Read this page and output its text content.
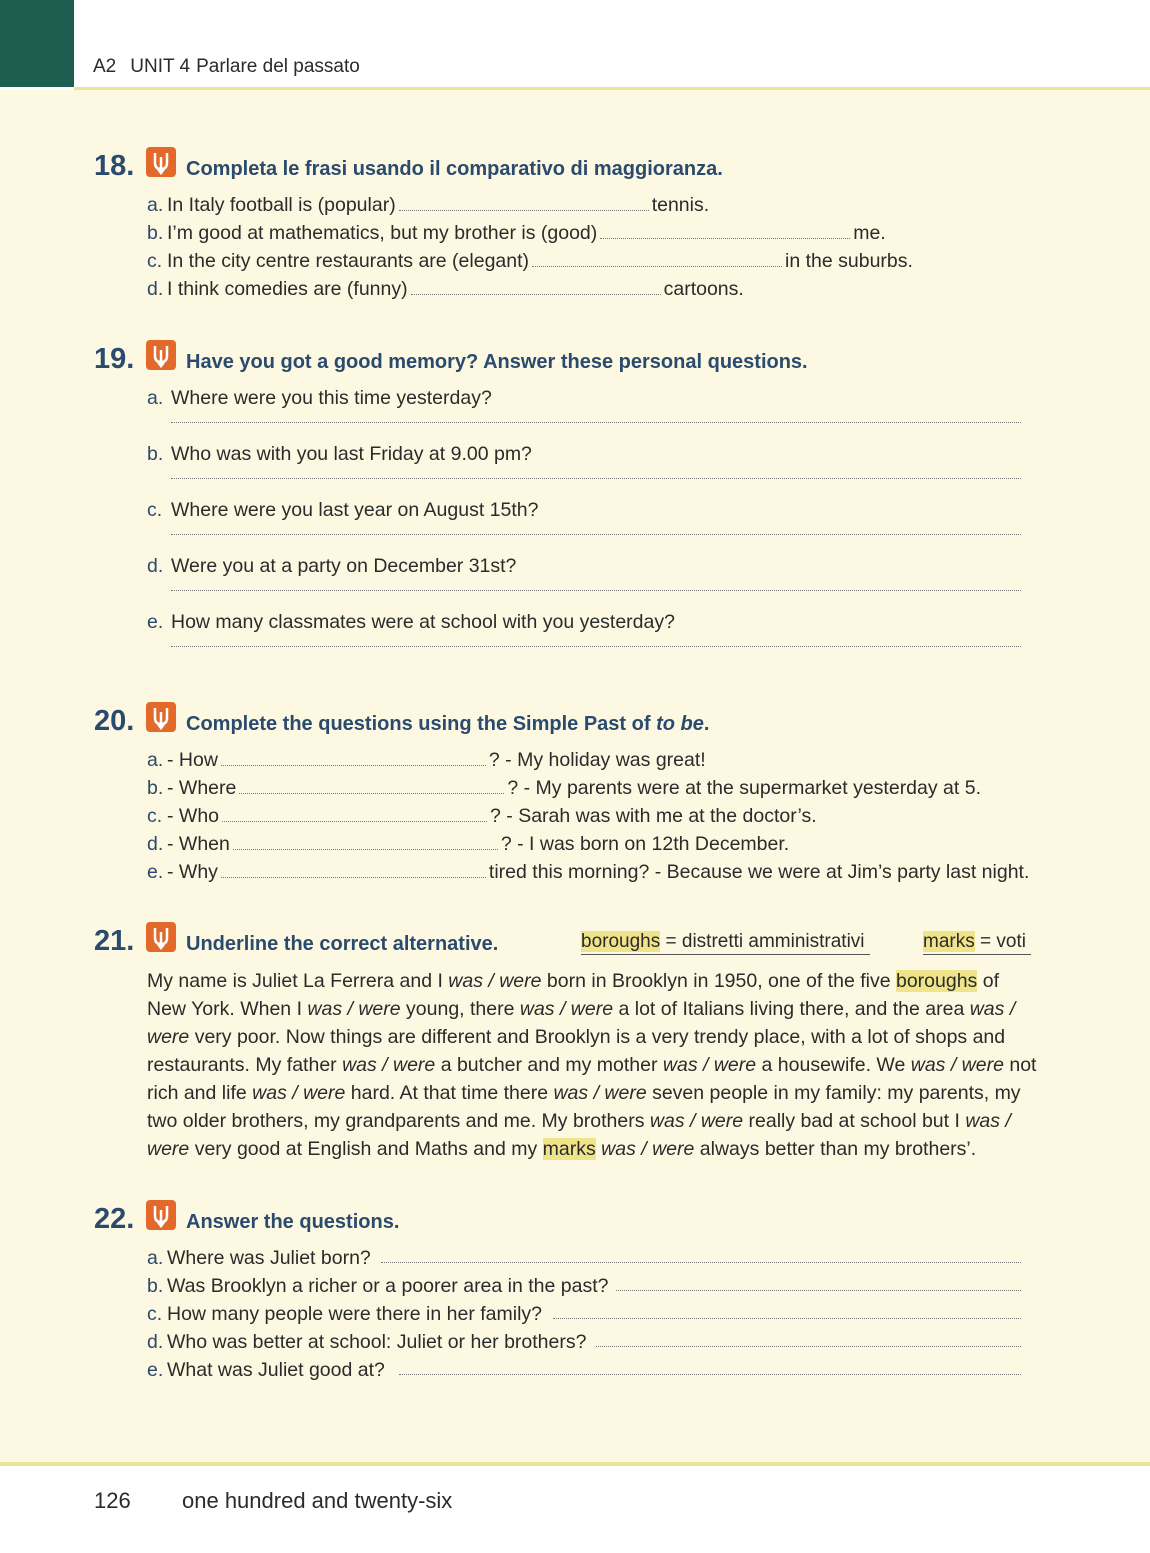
A2 UNIT 4 Parlare del passato
18.	Completa le frasi usando il comparativo di maggioranza.
a. In Italy football is (popular)	tennis.
b. I’m good at mathematics, but my brother is (good)	me.
c. In the city centre restaurants are (elegant)	in the suburbs.
d. I think comedies are (funny)	cartoons.
19.	Have you got a good memory? Answer these personal questions.
a. Where were you this time yesterday?
b. Who was with you last Friday at 9.00 pm?
c. Where were you last year on August 15th?
d. Were you at a party on December 31st?
e. How many classmates were at school with you yesterday?
20.	Complete the questions using the Simple Past of to be.
a. - How	? - My holiday was great!
b. - Where	? - My parents were at the supermarket yesterday at 5.
c. - Who	? - Sarah was with me at the doctor’s.
d. - When	? - I was born on 12th December.
e. - Why	tired this morning? - Because we were at Jim’s party last night.
21.	Underline the correct alternative.	boroughs = distretti amministrativi	marks = voti
My name is Juliet La Ferrera and I was / were born in Brooklyn in 1950, one of the five boroughs of New York. When I was / were young, there was / were a lot of Italians living there, and the area was / were very poor. Now things are different and Brooklyn is a very trendy place, with a lot of shops and restaurants. My father was / were a butcher and my mother was / were a housewife. We was / were not rich and life was / were hard. At that time there was / were seven people in my family: my parents, my two older brothers, my grandparents and me. My brothers was / were really bad at school but I was / were very good at English and Maths and my marks was / were always better than my brothers’.
22.	Answer the questions.
a. Where was Juliet born?
b. Was Brooklyn a richer or a poorer area in the past?
c. How many people were there in her family?
d. Who was better at school: Juliet or her brothers?
e. What was Juliet good at?
126 one hundred and twenty-six
